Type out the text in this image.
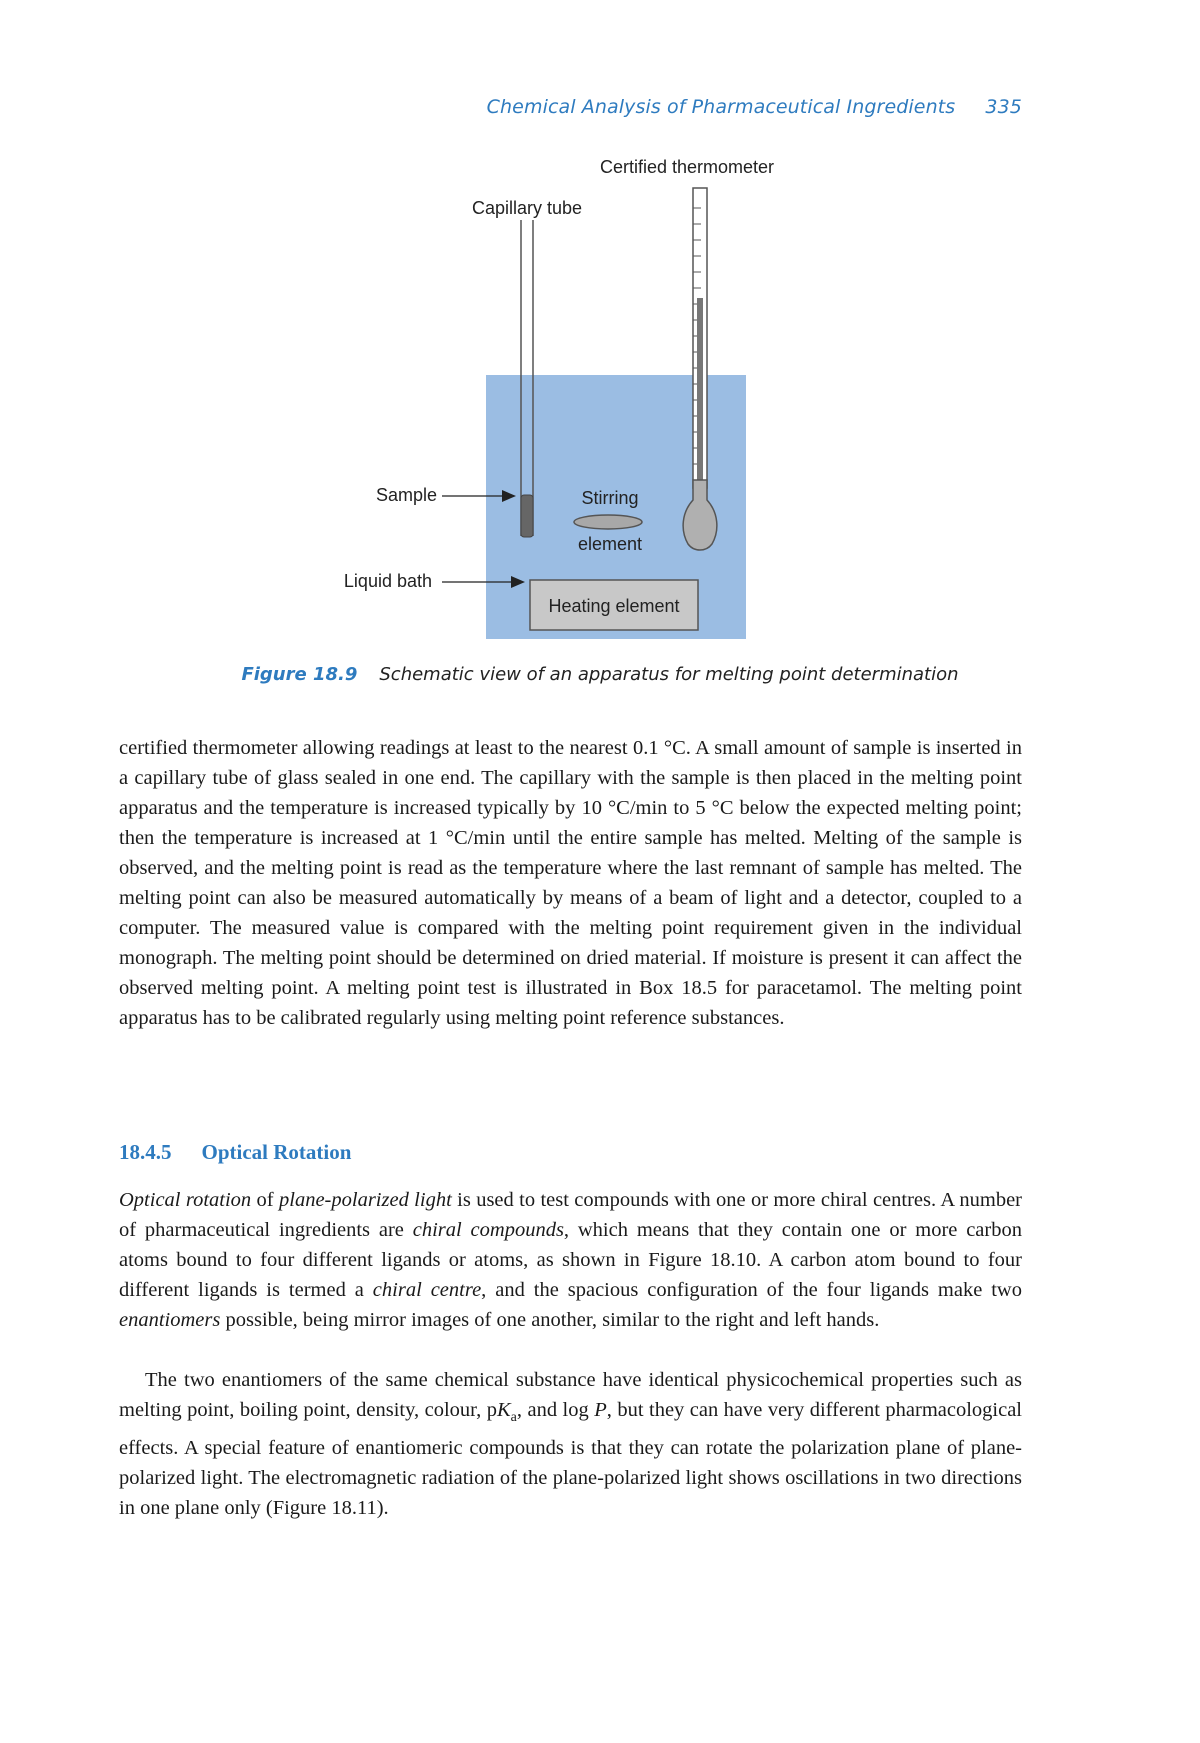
Chemical Analysis of Pharmaceutical Ingredients 335
Heating element
Stirring
element
Certified thermometer
Capillary tube
Sample
Liquid bath
Figure 18.9 Schematic view of an apparatus for melting point determination

certified thermometer allowing readings at least to the nearest 0.1 °C. A small amount of sample is inserted in a capillary tube of glass sealed in one end. The capillary with the sample is then placed in the melting point apparatus and the temperature is increased typically by 10 °C/min to 5 °C below the expected melting point; then the temperature is increased at 1 °C/min until the entire sample has melted. Melting of the sample is observed, and the melting point is read as the temperature where the last remnant of sample has melted. The melting point can also be measured automatically by means of a beam of light and a detector, coupled to a computer. The measured value is compared with the melting point requirement given in the individual monograph. The melting point should be determined on dried material. If moisture is present it can affect the observed melting point. A melting point test is illustrated in Box 18.5 for paracetamol. The melting point apparatus has to be calibrated regularly using melting point reference substances.

18.4.5 Optical Rotation

Optical rotation of plane-polarized light is used to test compounds with one or more chiral centres. A number of pharmaceutical ingredients are chiral compounds, which means that they contain one or more carbon atoms bound to four different ligands or atoms, as shown in Figure 18.10. A carbon atom bound to four different ligands is termed a chiral centre, and the spacious configuration of the four ligands make two enantiomers possible, being mirror images of one another, similar to the right and left hands.

The two enantiomers of the same chemical substance have identical physicochemical properties such as melting point, boiling point, density, colour, $pK_a$, and log P, but they can have very different pharmacological effects. A special feature of enantiomeric compounds is that they can rotate the polarization plane of plane-polarized light. The electromagnetic radiation of the plane-polarized light shows oscillations in two directions in one plane only (Figure 18.11).
